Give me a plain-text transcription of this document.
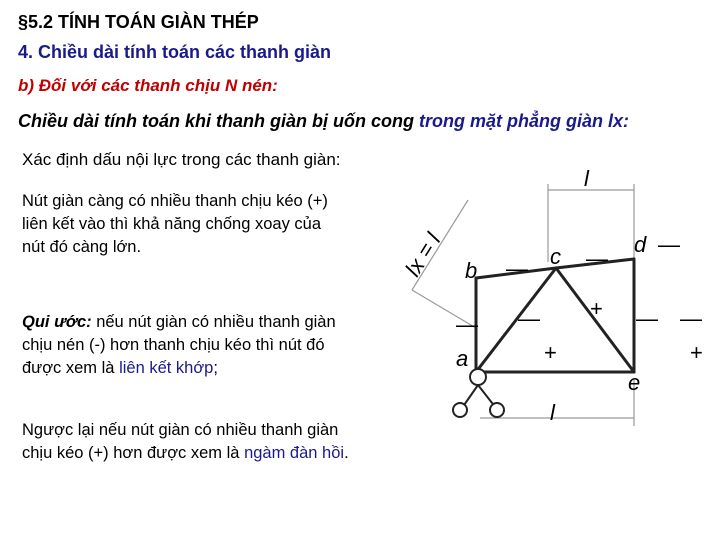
§5.2 TÍNH TOÁN GIÀN THÉP
4. Chiều dài tính toán các thanh giàn
b) Đối với các thanh chịu N nén:
Chiều dài tính toán khi thanh giàn bị uốn cong trong mặt phẳng giàn lx:
Xác định dấu nội lực trong các thanh giàn:
Nút giàn càng có nhiều thanh chịu kéo (+) liên kết vào thì khả năng chống xoay của nút đó càng lớn.
Qui ước: nếu nút giàn có nhiều thanh giàn chịu nén (-) hơn thanh chịu kéo thì nút đó được xem là liên kết khớp;
Ngược lại nếu nút giàn có nhiều thanh giàn chịu kéo (+) hơn được xem là ngàm đàn hồi.
a
b
c	d
e
l
l
lx = l	—	—
—
— —	— —
+
+	+
